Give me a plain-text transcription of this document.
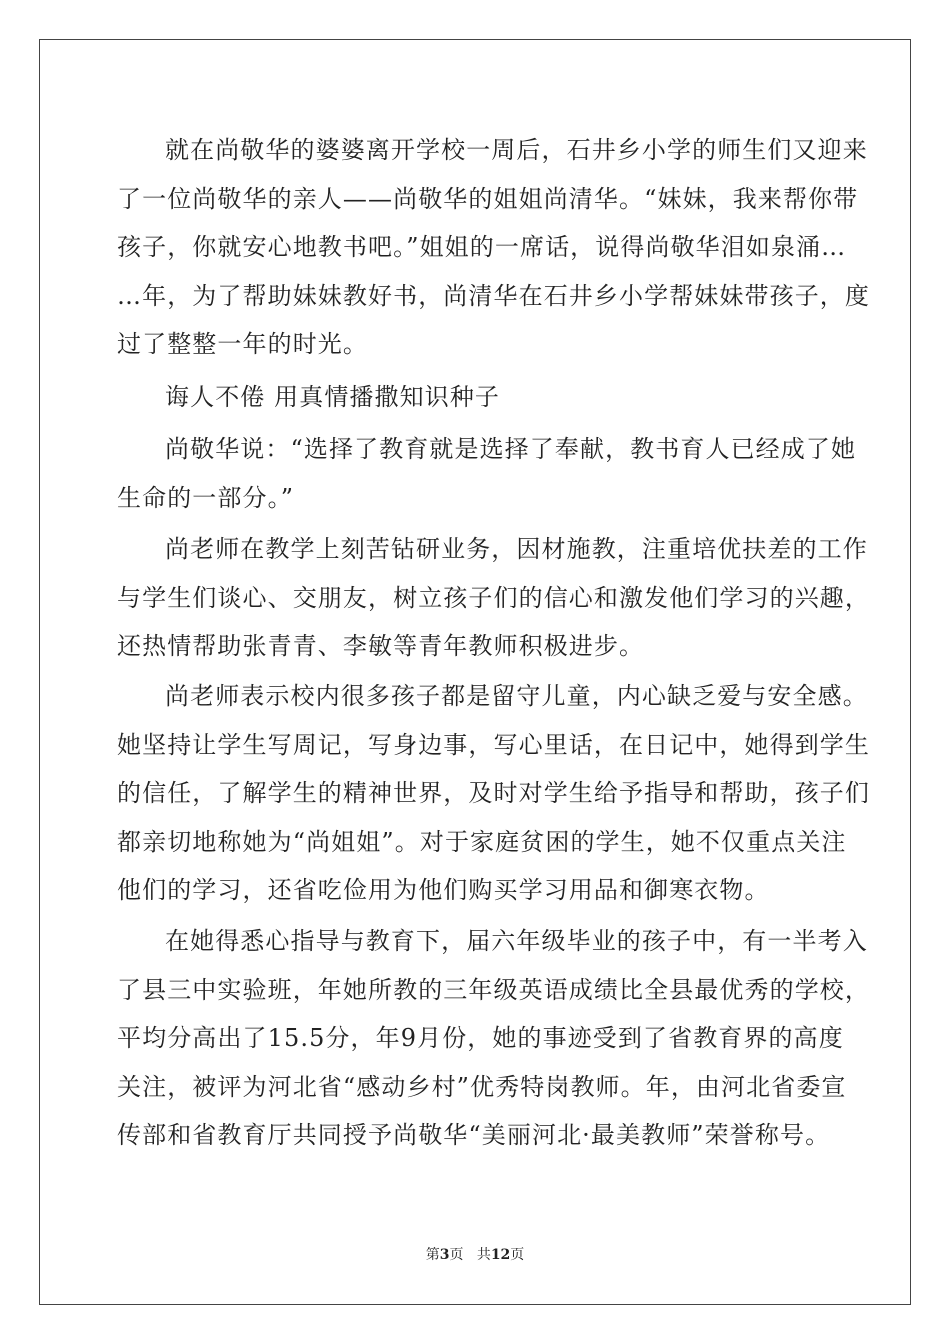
就在尚敬华的婆婆离开学校一周后，石井乡小学的师生们又迎来
了一位尚敬华的亲人——尚敬华的姐姐尚清华。“妹妹，我来帮你带
孩子，你就安心地教书吧。”姐姐的一席话，说得尚敬华泪如泉涌…
…年，为了帮助妹妹教好书，尚清华在石井乡小学帮妹妹带孩子，度
过了整整一年的时光。
诲人不倦 用真情播撒知识种子
尚敬华说：“选择了教育就是选择了奉献，教书育人已经成了她
生命的一部分。”
尚老师在教学上刻苦钻研业务，因材施教，注重培优扶差的工作
与学生们谈心、交朋友，树立孩子们的信心和激发他们学习的兴趣，
还热情帮助张青青、李敏等青年教师积极进步。
尚老师表示校内很多孩子都是留守儿童，内心缺乏爱与安全感。
她坚持让学生写周记，写身边事，写心里话，在日记中，她得到学生
的信任，了解学生的精神世界，及时对学生给予指导和帮助，孩子们
都亲切地称她为“尚姐姐”。对于家庭贫困的学生，她不仅重点关注
他们的学习，还省吃俭用为他们购买学习用品和御寒衣物。
在她得悉心指导与教育下，届六年级毕业的孩子中，有一半考入
了县三中实验班，年她所教的三年级英语成绩比全县最优秀的学校，
平均分高出了15.5分，年9月份，她的事迹受到了省教育界的高度
关注，被评为河北省“感动乡村”优秀特岗教师。年，由河北省委宣
传部和省教育厅共同授予尚敬华“美丽河北·最美教师”荣誉称号。
第3页 共12页
